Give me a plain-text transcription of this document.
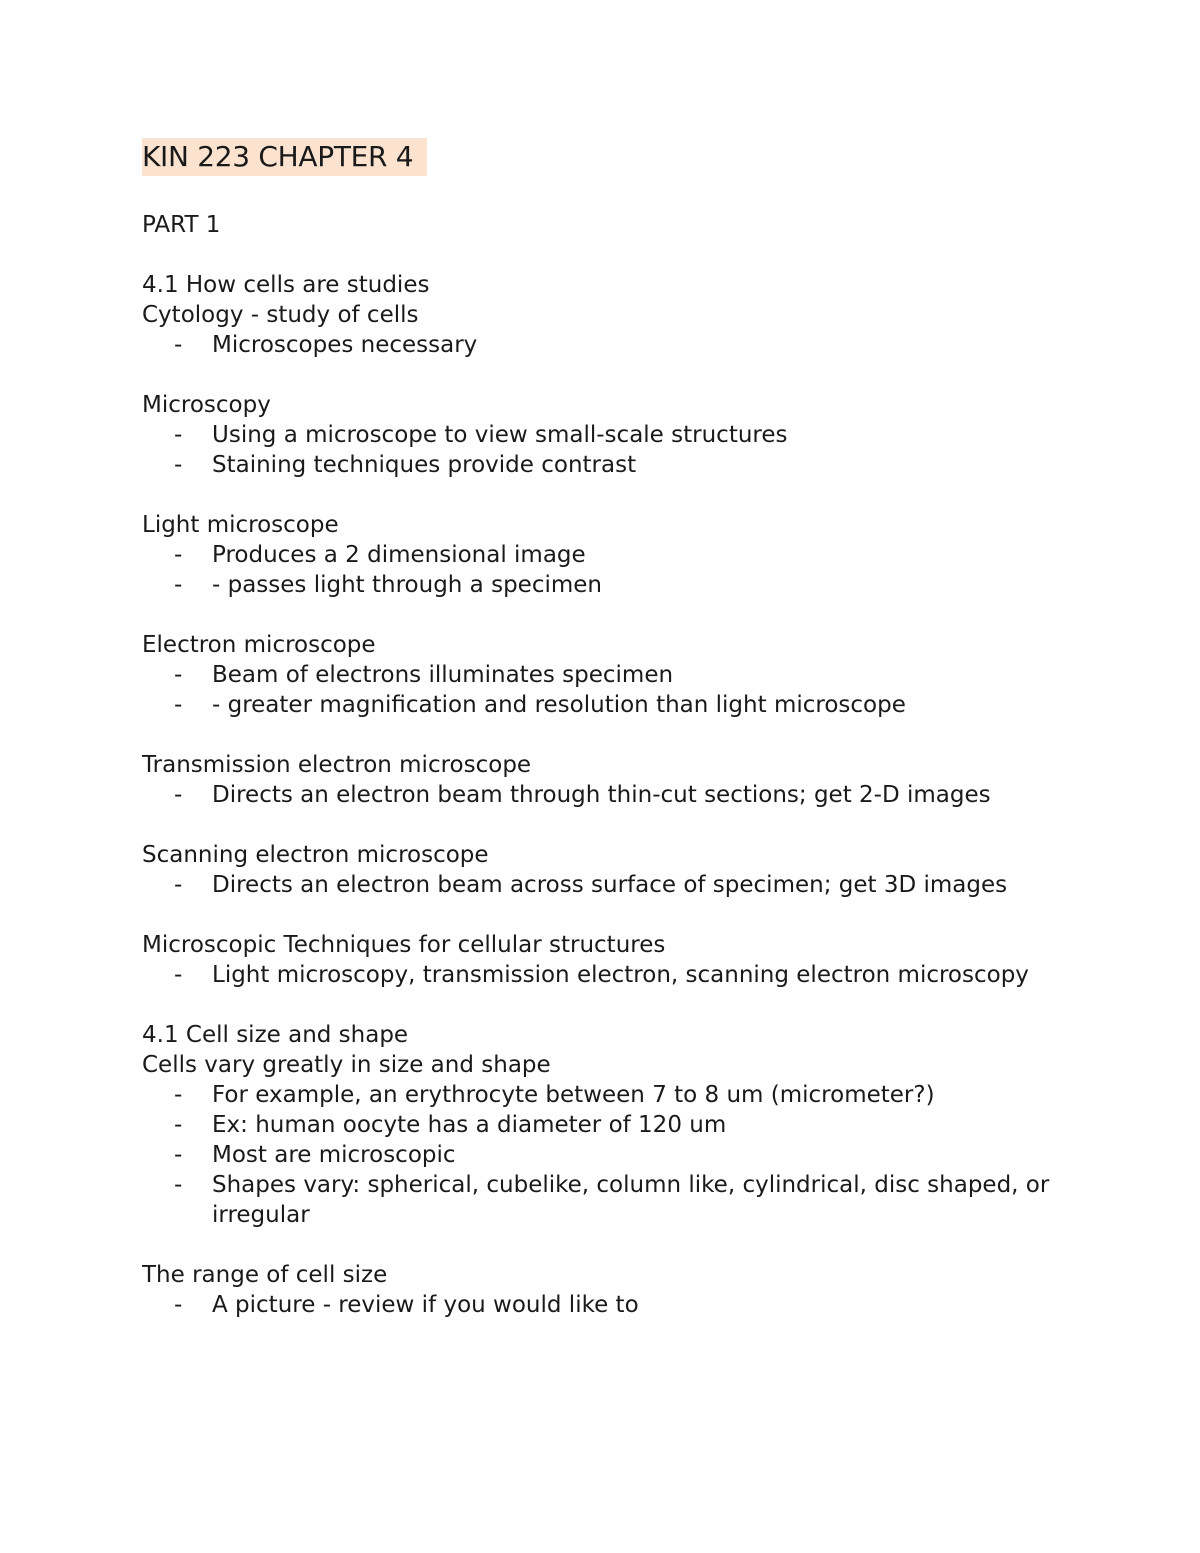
KIN 223 CHAPTER 4
PART 1
4.1 How cells are studies
Cytology - study of cells
- Microscopes necessary
Microscopy
- Using a microscope to view small-scale structures
- Staining techniques provide contrast
Light microscope
- Produces a 2 dimensional image
- - passes light through a specimen
Electron microscope
- Beam of electrons illuminates specimen
- - greater magnification and resolution than light microscope
Transmission electron microscope
- Directs an electron beam through thin-cut sections; get 2-D images
Scanning electron microscope
- Directs an electron beam across surface of specimen; get 3D images
Microscopic Techniques for cellular structures
- Light microscopy, transmission electron, scanning electron microscopy
4.1 Cell size and shape
Cells vary greatly in size and shape
- For example, an erythrocyte between 7 to 8 um (micrometer?)
- Ex: human oocyte has a diameter of 120 um
- Most are microscopic
- Shapes vary: spherical, cubelike, column like, cylindrical, disc shaped, or irregular
The range of cell size
- A picture - review if you would like to
